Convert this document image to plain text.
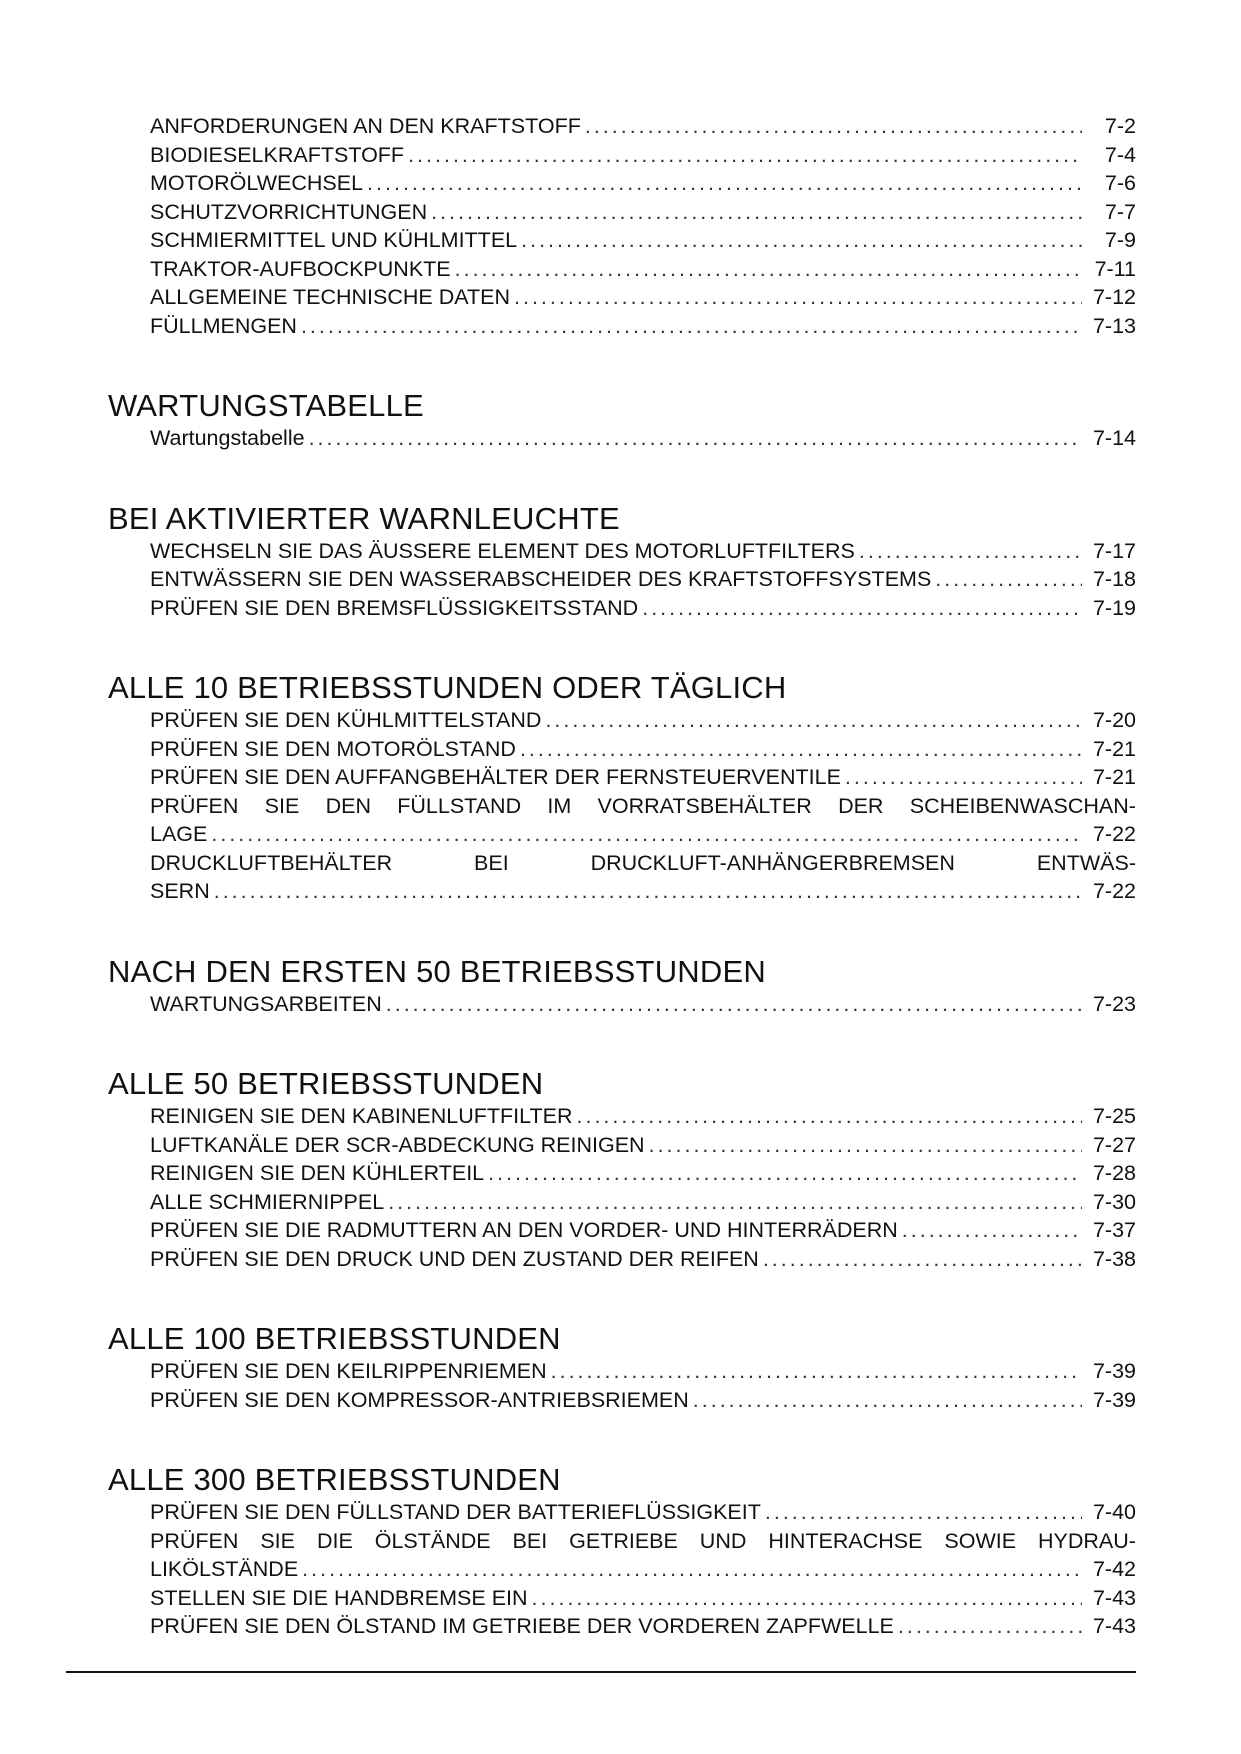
ANFORDERUNGEN AN DEN KRAFTSTOFF .....	7-2
BIODIESELKRAFTSTOFF .....	7-4
MOTORÖLWECHSEL .....	7-6
SCHUTZVORRICHTUNGEN .....	7-7
SCHMIERMITTEL UND KÜHLMITTEL .....	7-9
TRAKTOR-AUFBOCKPUNKTE .....	7-11
ALLGEMEINE TECHNISCHE DATEN .....	7-12
FÜLLMENGEN .....	7-13
WARTUNGSTABELLE
Wartungstabelle .....	7-14
BEI AKTIVIERTER WARNLEUCHTE
WECHSELN SIE DAS ÄUSSERE ELEMENT DES MOTORLUFTFILTERS .....	7-17
ENTWÄSSERN SIE DEN WASSERABSCHEIDER DES KRAFTSTOFFSYSTEMS .....	7-18
PRÜFEN SIE DEN BREMSFLÜSSIGKEITSSTAND .....	7-19
ALLE 10 BETRIEBSSTUNDEN ODER TÄGLICH
PRÜFEN SIE DEN KÜHLMITTELSTAND .....	7-20
PRÜFEN SIE DEN MOTORÖLSTAND .....	7-21
PRÜFEN SIE DEN AUFFANGBEHÄLTER DER FERNSTEUERVENTILE .....	7-21
PRÜFEN SIE DEN FÜLLSTAND IM VORRATSBEHÄLTER DER SCHEIBENWASCHAN-
LAGE .....	7-22
DRUCKLUFTBEHÄLTER	BEI	DRUCKLUFT-ANHÄNGERBREMSEN	ENTWÄS-
SERN .....	7-22
NACH DEN ERSTEN 50 BETRIEBSSTUNDEN
WARTUNGSARBEITEN .....	7-23
ALLE 50 BETRIEBSSTUNDEN
REINIGEN SIE DEN KABINENLUFTFILTER .....	7-25
LUFTKANÄLE DER SCR-ABDECKUNG REINIGEN .....	7-27
REINIGEN SIE DEN KÜHLERTEIL .....	7-28
ALLE SCHMIERNIPPEL .....	7-30
PRÜFEN SIE DIE RADMUTTERN AN DEN VORDER- UND HINTERRÄDERN .....	7-37
PRÜFEN SIE DEN DRUCK UND DEN ZUSTAND DER REIFEN .....	7-38
ALLE 100 BETRIEBSSTUNDEN
PRÜFEN SIE DEN KEILRIPPENRIEMEN .....	7-39
PRÜFEN SIE DEN KOMPRESSOR-ANTRIEBSRIEMEN .....	7-39
ALLE 300 BETRIEBSSTUNDEN
PRÜFEN SIE DEN FÜLLSTAND DER BATTERIEFLÜSSIGKEIT .....	7-40
PRÜFEN SIE DIE ÖLSTÄNDE BEI GETRIEBE UND HINTERACHSE SOWIE HYDRAU-
LIKÖLSTÄNDE .....	7-42
STELLEN SIE DIE HANDBREMSE EIN .....	7-43
PRÜFEN SIE DEN ÖLSTAND IM GETRIEBE DER VORDEREN ZAPFWELLE .....	7-43
